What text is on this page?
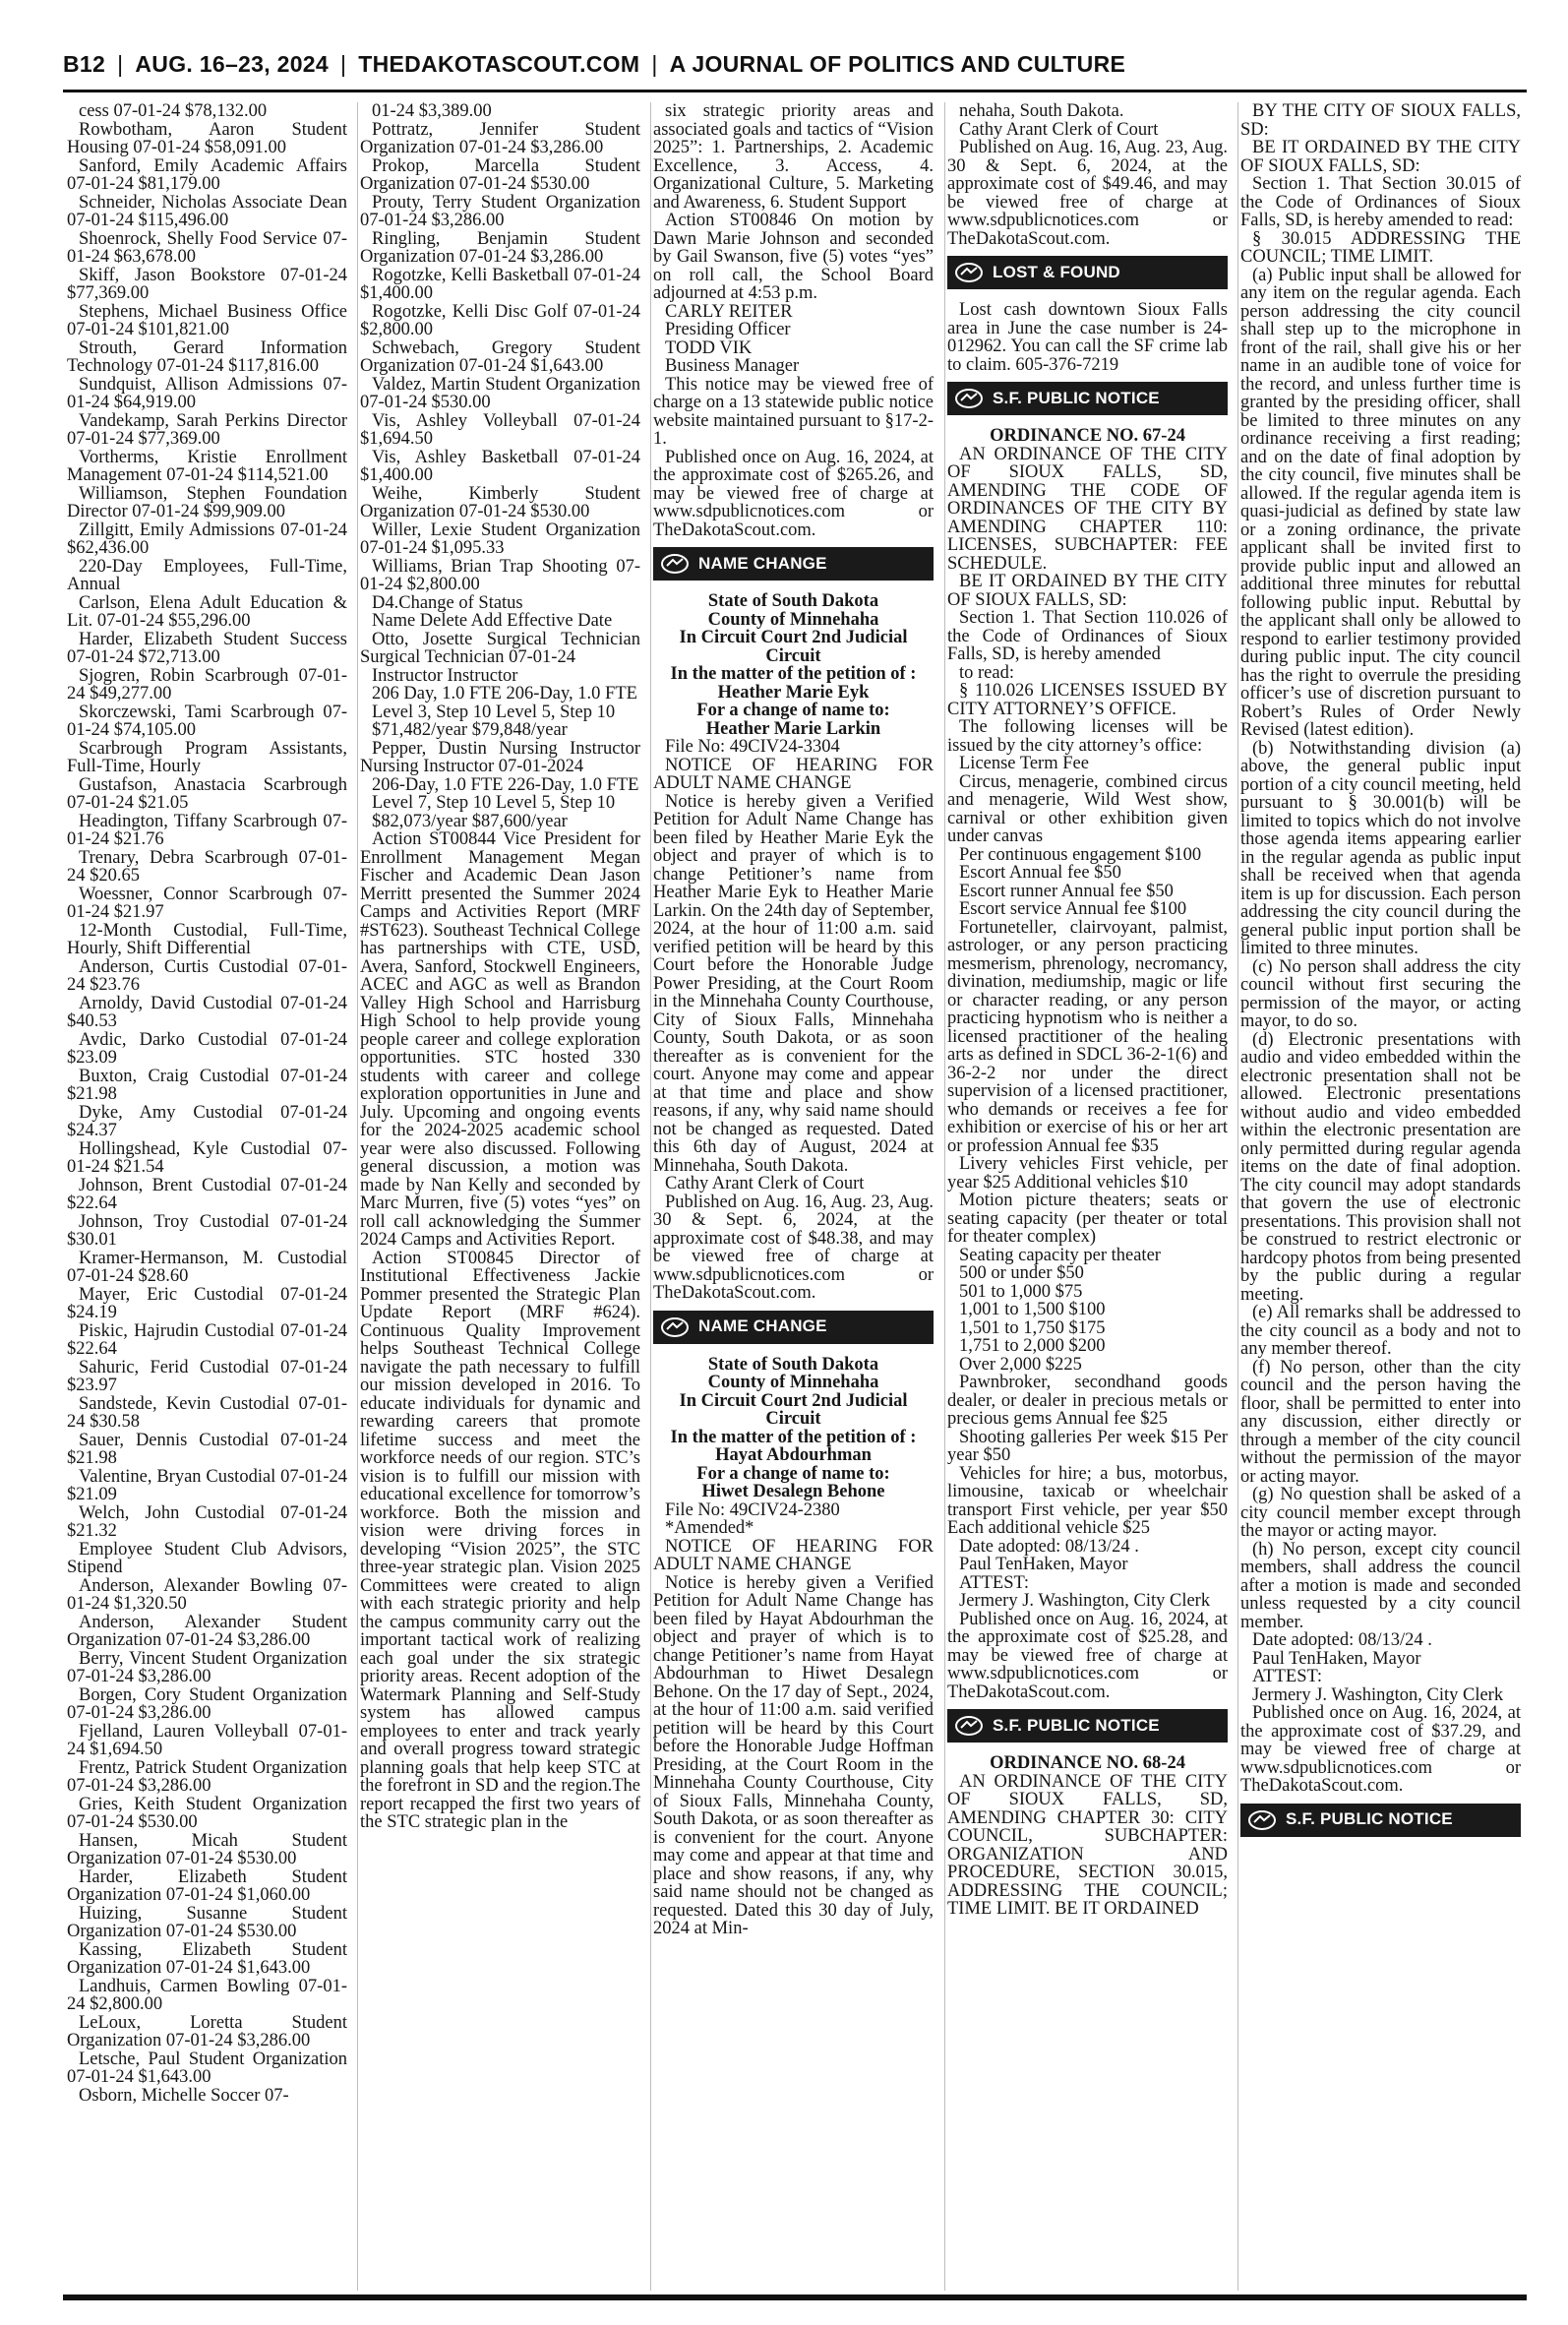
B12 | AUG. 16–23, 2024 | THEDAKOTASCOUT.COM | A JOURNAL OF POLITICS AND CULTURE

cess 07-01-24 $78,132.00

Rowbotham, Aaron Student Housing 07-01-24 $58,091.00

Sanford, Emily Academic Affairs 07-01-24 $81,179.00

Schneider, Nicholas Associate Dean 07-01-24 $115,496.00

Shoenrock, Shelly Food Service 07-01-24 $63,678.00

Skiff, Jason Bookstore 07-01-24 $77,369.00

Stephens, Michael Business Office 07-01-24 $101,821.00

Strouth, Gerard Information Technology 07-01-24 $117,816.00

Sundquist, Allison Admissions 07-01-24 $64,919.00

Vandekamp, Sarah Perkins Director 07-01-24 $77,369.00

Vortherms, Kristie Enrollment Management 07-01-24 $114,521.00

Williamson, Stephen Foundation Director 07-01-24 $99,909.00

Zillgitt, Emily Admissions 07-01-24 $62,436.00

220-Day Employees, Full-Time, Annual

Carlson, Elena Adult Education & Lit. 07-01-24 $55,296.00

Harder, Elizabeth Student Success 07-01-24 $72,713.00

Sjogren, Robin Scarbrough 07-01-24 $49,277.00

Skorczewski, Tami Scarbrough 07-01-24 $74,105.00

Scarbrough Program Assistants, Full-Time, Hourly

Gustafson, Anastacia Scarbrough 07-01-24 $21.05

Headington, Tiffany Scarbrough 07-01-24 $21.76

Trenary, Debra Scarbrough 07-01-24 $20.65

Woessner, Connor Scarbrough 07-01-24 $21.97

12-Month Custodial, Full-Time, Hourly, Shift Differential

Anderson, Curtis Custodial 07-01-24 $23.76

Arnoldy, David Custodial 07-01-24 $40.53

Avdic, Darko Custodial 07-01-24 $23.09

Buxton, Craig Custodial 07-01-24 $21.98

Dyke, Amy Custodial 07-01-24 $24.37

Hollingshead, Kyle Custodial 07-01-24 $21.54

Johnson, Brent Custodial 07-01-24 $22.64

Johnson, Troy Custodial 07-01-24 $30.01

Kramer-Hermanson, M. Custodial 07-01-24 $28.60

Mayer, Eric Custodial 07-01-24 $24.19

Piskic, Hajrudin Custodial 07-01-24 $22.64

Sahuric, Ferid Custodial 07-01-24 $23.97

Sandstede, Kevin Custodial 07-01-24 $30.58

Sauer, Dennis Custodial 07-01-24 $21.98

Valentine, Bryan Custodial 07-01-24 $21.09

Welch, John Custodial 07-01-24 $21.32

Employee Student Club Advisors, Stipend

Anderson, Alexander Bowling 07-01-24 $1,320.50

Anderson, Alexander Student Organization 07-01-24 $3,286.00

Berry, Vincent Student Organization 07-01-24 $3,286.00

Borgen, Cory Student Organization 07-01-24 $3,286.00

Fjelland, Lauren Volleyball 07-01-24 $1,694.50

Frentz, Patrick Student Organization 07-01-24 $3,286.00

Gries, Keith Student Organization 07-01-24 $530.00

Hansen, Micah Student Organization 07-01-24 $530.00

Harder, Elizabeth Student Organization 07-01-24 $1,060.00

Huizing, Susanne Student Organization 07-01-24 $530.00

Kassing, Elizabeth Student Organization 07-01-24 $1,643.00

Landhuis, Carmen Bowling 07-01-24 $2,800.00

LeLoux, Loretta Student Organization 07-01-24 $3,286.00

Letsche, Paul Student Organization 07-01-24 $1,643.00

Osborn, Michelle Soccer 07-

01-24 $3,389.00

Pottratz, Jennifer Student Organization 07-01-24 $3,286.00

Prokop, Marcella Student Organization 07-01-24 $530.00

Prouty, Terry Student Organization 07-01-24 $3,286.00

Ringling, Benjamin Student Organization 07-01-24 $3,286.00

Rogotzke, Kelli Basketball 07-01-24 $1,400.00

Rogotzke, Kelli Disc Golf 07-01-24 $2,800.00

Schwebach, Gregory Student Organization 07-01-24 $1,643.00

Valdez, Martin Student Organization 07-01-24 $530.00

Vis, Ashley Volleyball 07-01-24 $1,694.50

Vis, Ashley Basketball 07-01-24 $1,400.00

Weihe, Kimberly Student Organization 07-01-24 $530.00

Willer, Lexie Student Organization 07-01-24 $1,095.33

Williams, Brian Trap Shooting 07-01-24 $2,800.00

D4.Change of Status

Name Delete Add Effective Date

Otto, Josette Surgical Technician Surgical Technician 07-01-24

Instructor Instructor

206 Day, 1.0 FTE 206-Day, 1.0 FTE

Level 3, Step 10 Level 5, Step 10

$71,482/year $79,848/year

Pepper, Dustin Nursing Instructor Nursing Instructor 07-01-2024

206-Day, 1.0 FTE 226-Day, 1.0 FTE

Level 7, Step 10 Level 5, Step 10

$82,073/year $87,600/year

Action ST00844 Vice President for Enrollment Management Megan Fischer and Academic Dean Jason Merritt presented the Summer 2024 Camps and Activities Report (MRF #ST623). Southeast Technical College has partnerships with CTE, USD, Avera, Sanford, Stockwell Engineers, ACEC and AGC as well as Brandon Valley High School and Harrisburg High School to help provide young people career and college exploration opportunities. STC hosted 330 students with career and college exploration opportunities in June and July. Upcoming and ongoing events for the 2024-2025 academic school year were also discussed. Following general discussion, a motion was made by Nan Kelly and seconded by Marc Murren, five (5) votes “yes” on roll call acknowledging the Summer 2024 Camps and Activities Report.

Action ST00845 Director of Institutional Effectiveness Jackie Pommer presented the Strategic Plan Update Report (MRF #624). Continuous Quality Improvement helps Southeast Technical College navigate the path necessary to fulfill our mission developed in 2016. To educate individuals for dynamic and rewarding careers that promote lifetime success and meet the workforce needs of our region. STC’s vision is to fulfill our mission with educational excellence for tomorrow’s workforce. Both the mission and vision were driving forces in developing “Vision 2025”, the STC three-year strategic plan. Vision 2025 Committees were created to align with each strategic priority and help the campus community carry out the important tactical work of realizing each goal under the six strategic priority areas. Recent adoption of the Watermark Planning and Self-Study system has allowed campus employees to enter and track yearly and overall progress toward strategic planning goals that help keep STC at the forefront in SD and the region.The report recapped the first two years of the STC strategic plan in the

six strategic priority areas and associated goals and tactics of “Vision 2025”: 1. Partnerships, 2. Academic Excellence, 3. Access, 4. Organizational Culture, 5. Marketing and Awareness, 6. Student Support

Action ST00846 On motion by Dawn Marie Johnson and seconded by Gail Swanson, five (5) votes “yes” on roll call, the School Board adjourned at 4:53 p.m.

CARLY REITER

Presiding Officer

TODD VIK

Business Manager

This notice may be viewed free of charge on a 13 statewide public notice website maintained pursuant to §17-2-1.

Published once on Aug. 16, 2024, at the approximate cost of $265.26, and may be viewed free of charge at www.sdpublicnotices.com or TheDakotaScout.com.

NAME CHANGE

State of South Dakota

County of Minnehaha

In Circuit Court 2nd Judicial Circuit

In the matter of the petition of :

Heather Marie Eyk

For a change of name to:

Heather Marie Larkin

File No: 49CIV24-3304

NOTICE OF HEARING FOR ADULT NAME CHANGE

Notice is hereby given a Verified Petition for Adult Name Change has been filed by Heather Marie Eyk the object and prayer of which is to change Petitioner’s name from Heather Marie Eyk to Heather Marie Larkin. On the 24th day of September, 2024, at the hour of 11:00 a.m. said verified petition will be heard by this Court before the Honorable Judge Power Presiding, at the Court Room in the Minnehaha County Courthouse, City of Sioux Falls, Minnehaha County, South Dakota, or as soon thereafter as is convenient for the court. Anyone may come and appear at that time and place and show reasons, if any, why said name should not be changed as requested. Dated this 6th day of August, 2024 at Minnehaha, South Dakota.

Cathy Arant Clerk of Court

Published on Aug. 16, Aug. 23, Aug. 30 & Sept. 6, 2024, at the approximate cost of $48.38, and may be viewed free of charge at www.sdpublicnotices.com or TheDakotaScout.com.

NAME CHANGE

State of South Dakota

County of Minnehaha

In Circuit Court 2nd Judicial Circuit

In the matter of the petition of :

Hayat Abdourhman

For a change of name to:

Hiwet Desalegn Behone

File No: 49CIV24-2380

*Amended*

NOTICE OF HEARING FOR ADULT NAME CHANGE

Notice is hereby given a Verified Petition for Adult Name Change has been filed by Hayat Abdourhman the object and prayer of which is to change Petitioner’s name from Hayat Abdourhman to Hiwet Desalegn Behone. On the 17 day of Sept., 2024, at the hour of 11:00 a.m. said verified petition will be heard by this Court before the Honorable Judge Hoffman Presiding, at the Court Room in the Minnehaha County Courthouse, City of Sioux Falls, Minnehaha County, South Dakota, or as soon thereafter as is convenient for the court. Anyone may come and appear at that time and place and show reasons, if any, why said name should not be changed as requested. Dated this 30 day of July, 2024 at Min-

nehaha, South Dakota.

Cathy Arant Clerk of Court

Published on Aug. 16, Aug. 23, Aug. 30 & Sept. 6, 2024, at the approximate cost of $49.46, and may be viewed free of charge at www.sdpublicnotices.com or TheDakotaScout.com.

LOST & FOUND

Lost cash downtown Sioux Falls area in June the case number is 24-012962. You can call the SF crime lab to claim. 605-376-7219

S.F. PUBLIC NOTICE

ORDINANCE NO. 67-24

AN ORDINANCE OF THE CITY OF SIOUX FALLS, SD, AMENDING THE CODE OF ORDINANCES OF THE CITY BY AMENDING CHAPTER 110: LICENSES, SUBCHAPTER: FEE SCHEDULE.

BE IT ORDAINED BY THE CITY OF SIOUX FALLS, SD:

Section 1. That Section 110.026 of the Code of Ordinances of Sioux Falls, SD, is hereby amended

to read:

§ 110.026 LICENSES ISSUED BY CITY ATTORNEY’S OFFICE.

The following licenses will be issued by the city attorney’s office:

License Term Fee

Circus, menagerie, combined circus and menagerie, Wild West show, carnival or other exhibition given under canvas

Per continuous engagement $100

Escort Annual fee $50

Escort runner Annual fee $50

Escort service Annual fee $100

Fortuneteller, clairvoyant, palmist, astrologer, or any person practicing mesmerism, phrenology, necromancy, divination, mediumship, magic or life or character reading, or any person practicing hypnotism who is neither a licensed practitioner of the healing arts as defined in SDCL 36-2-1(6) and 36-2-2 nor under the direct supervision of a licensed practitioner, who demands or receives a fee for exhibition or exercise of his or her art or profession Annual fee $35

Livery vehicles First vehicle, per year $25 Additional vehicles $10

Motion picture theaters; seats or seating capacity (per theater or total for theater complex)

Seating capacity per theater

500 or under $50

501 to 1,000 $75

1,001 to 1,500 $100

1,501 to 1,750 $175

1,751 to 2,000 $200

Over 2,000 $225

Pawnbroker, secondhand goods dealer, or dealer in precious metals or precious gems Annual fee $25

Shooting galleries Per week $15 Per year $50

Vehicles for hire; a bus, motorbus, limousine, taxicab or wheelchair transport First vehicle, per year $50 Each additional vehicle $25

Date adopted: 08/13/24 .

Paul TenHaken, Mayor

ATTEST:

Jermery J. Washington, City Clerk

Published once on Aug. 16, 2024, at the approximate cost of $25.28, and may be viewed free of charge at www.sdpublicnotices.com or TheDakotaScout.com.

S.F. PUBLIC NOTICE

ORDINANCE NO. 68-24

AN ORDINANCE OF THE CITY OF SIOUX FALLS, SD, AMENDING CHAPTER 30: CITY COUNCIL, SUBCHAPTER: ORGANIZATION AND PROCEDURE, SECTION 30.015, ADDRESSING THE COUNCIL; TIME LIMIT. BE IT ORDAINED

BY THE CITY OF SIOUX FALLS, SD:

BE IT ORDAINED BY THE CITY OF SIOUX FALLS, SD:

Section 1. That Section 30.015 of the Code of Ordinances of Sioux Falls, SD, is hereby amended to read:

§ 30.015 ADDRESSING THE COUNCIL; TIME LIMIT.

(a) Public input shall be allowed for any item on the regular agenda. Each person addressing the city council shall step up to the microphone in front of the rail, shall give his or her name in an audible tone of voice for the record, and unless further time is granted by the presiding officer, shall be limited to three minutes on any ordinance receiving a first reading; and on the date of final adoption by the city council, five minutes shall be allowed. If the regular agenda item is quasi-judicial as defined by state law or a zoning ordinance, the private applicant shall be invited first to provide public input and allowed an additional three minutes for rebuttal following public input. Rebuttal by the applicant shall only be allowed to respond to earlier testimony provided during public input. The city council has the right to overrule the presiding officer’s use of discretion pursuant to Robert’s Rules of Order Newly Revised (latest edition).

(b) Notwithstanding division (a) above, the general public input portion of a city council meeting, held pursuant to § 30.001(b) will be limited to topics which do not involve those agenda items appearing earlier in the regular agenda as public input shall be received when that agenda item is up for discussion. Each person addressing the city council during the general public input portion shall be limited to three minutes.

(c) No person shall address the city council without first securing the permission of the mayor, or acting mayor, to do so.

(d) Electronic presentations with audio and video embedded within the electronic presentation shall not be allowed. Electronic presentations without audio and video embedded within the electronic presentation are only permitted during regular agenda items on the date of final adoption. The city council may adopt standards that govern the use of electronic presentations. This provision shall not be construed to restrict electronic or hardcopy photos from being presented by the public during a regular meeting.

(e) All remarks shall be addressed to the city council as a body and not to any member thereof.

(f) No person, other than the city council and the person having the floor, shall be permitted to enter into any discussion, either directly or through a member of the city council without the permission of the mayor or acting mayor.

(g) No question shall be asked of a city council member except through the mayor or acting mayor.

(h) No person, except city council members, shall address the council after a motion is made and seconded unless requested by a city council member.

Date adopted: 08/13/24 .

Paul TenHaken, Mayor

ATTEST:

Jermery J. Washington, City Clerk

Published once on Aug. 16, 2024, at the approximate cost of $37.29, and may be viewed free of charge at www.sdpublicnotices.com or TheDakotaScout.com.

S.F. PUBLIC NOTICE
